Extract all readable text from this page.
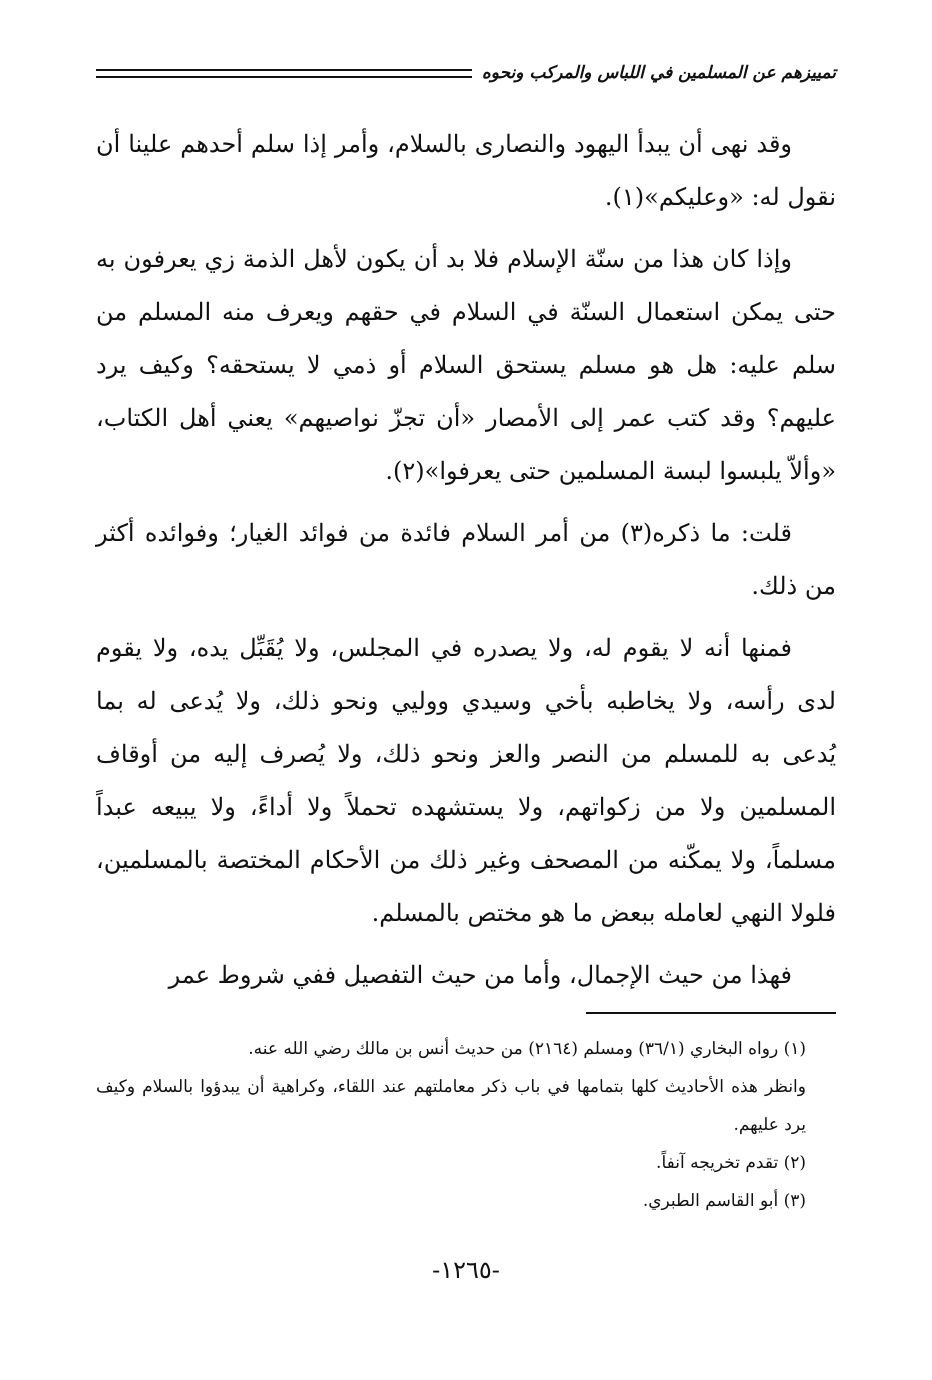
تمييزهم عن المسلمين في اللباس والمركب ونحوه

وقد نهى أن يبدأ اليهود والنصارى بالسلام، وأمر إذا سلم أحدهم علينا أن نقول له: «وعليكم»(١).

وإذا كان هذا من سنّة الإسلام فلا بد أن يكون لأهل الذمة زي يعرفون به حتى يمكن استعمال السنّة في السلام في حقهم ويعرف منه المسلم من سلم عليه: هل هو مسلم يستحق السلام أو ذمي لا يستحقه؟ وكيف يرد عليهم؟ وقد كتب عمر إلى الأمصار «أن تجزّ نواصيهم» يعني أهل الكتاب، «وألاّ يلبسوا لبسة المسلمين حتى يعرفوا»(٢).

قلت: ما ذكره(٣) من أمر السلام فائدة من فوائد الغيار؛ وفوائده أكثر من ذلك.

فمنها أنه لا يقوم له، ولا يصدره في المجلس، ولا يُقَبِّل يده، ولا يقوم لدى رأسه، ولا يخاطبه بأخي وسيدي ووليي ونحو ذلك، ولا يُدعى له بما يُدعى به للمسلم من النصر والعز ونحو ذلك، ولا يُصرف إليه من أوقاف المسلمين ولا من زكواتهم، ولا يستشهده تحملاً ولا أداءً، ولا يبيعه عبداً مسلماً، ولا يمكّنه من المصحف وغير ذلك من الأحكام المختصة بالمسلمين، فلولا النهي لعامله ببعض ما هو مختص بالمسلم.

فهذا من حيث الإجمال، وأما من حيث التفصيل ففي شروط عمر

(١) رواه البخاري (٣٦/١) ومسلم (٢١٦٤) من حديث أنس بن مالك رضي الله عنه.

وانظر هذه الأحاديث كلها بتمامها في باب ذكر معاملتهم عند اللقاء، وكراهية أن يبدؤوا بالسلام وكيف يرد عليهم.

(٢) تقدم تخريجه آنفاً.

(٣) أبو القاسم الطبري.

-١٢٦٥-
